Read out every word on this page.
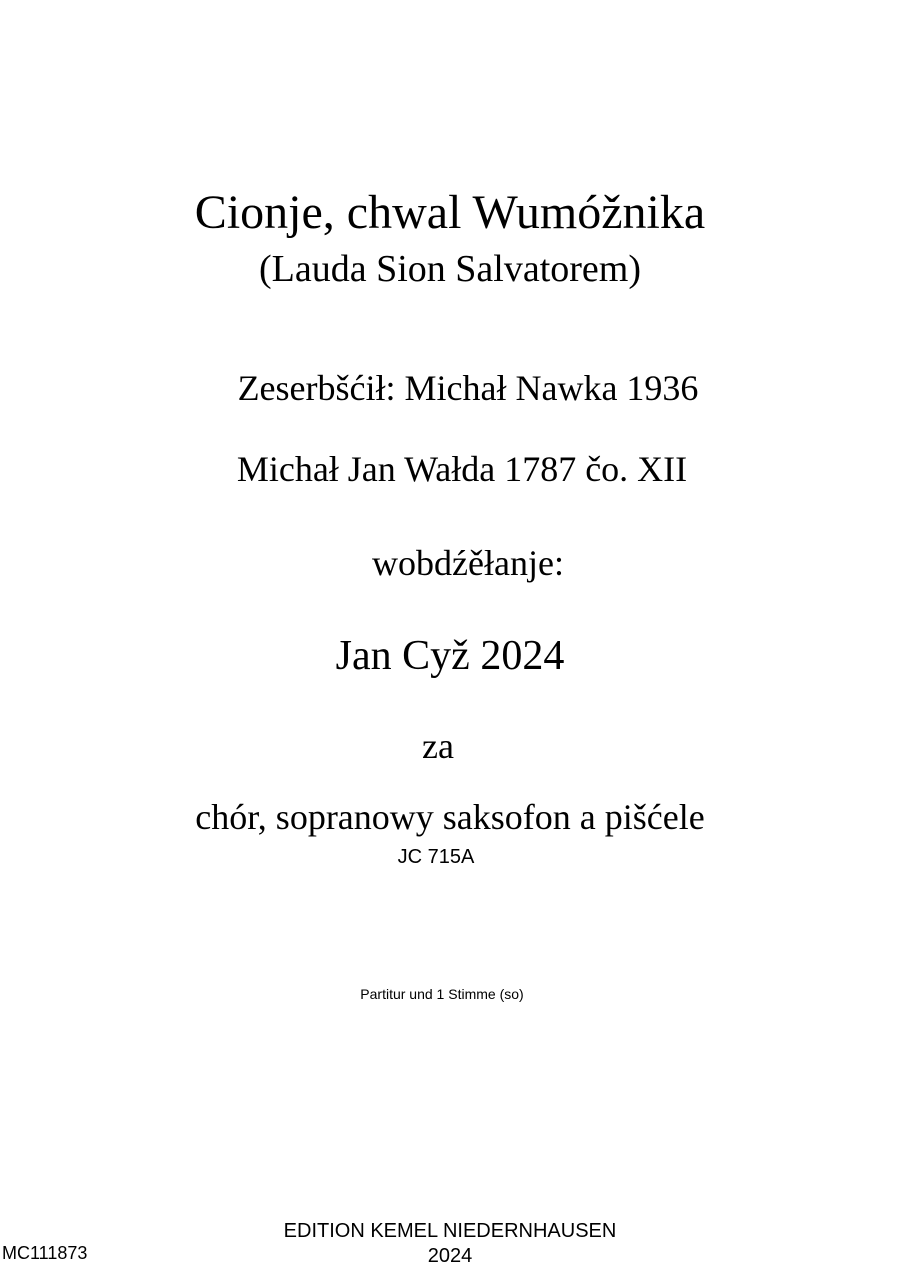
Cionje, chwal Wumóžnika
(Lauda Sion Salvatorem)
Zeserbšćił: Michał Nawka 1936
Michał Jan Wałda 1787 čo. XII
wobdźěłanje:
Jan Cyž 2024
za
chór, sopranowy saksofon a pišćele
JC 715A
Partitur und 1 Stimme (so)
MC111873
EDITION KEMEL NIEDERNHAUSEN
2024
